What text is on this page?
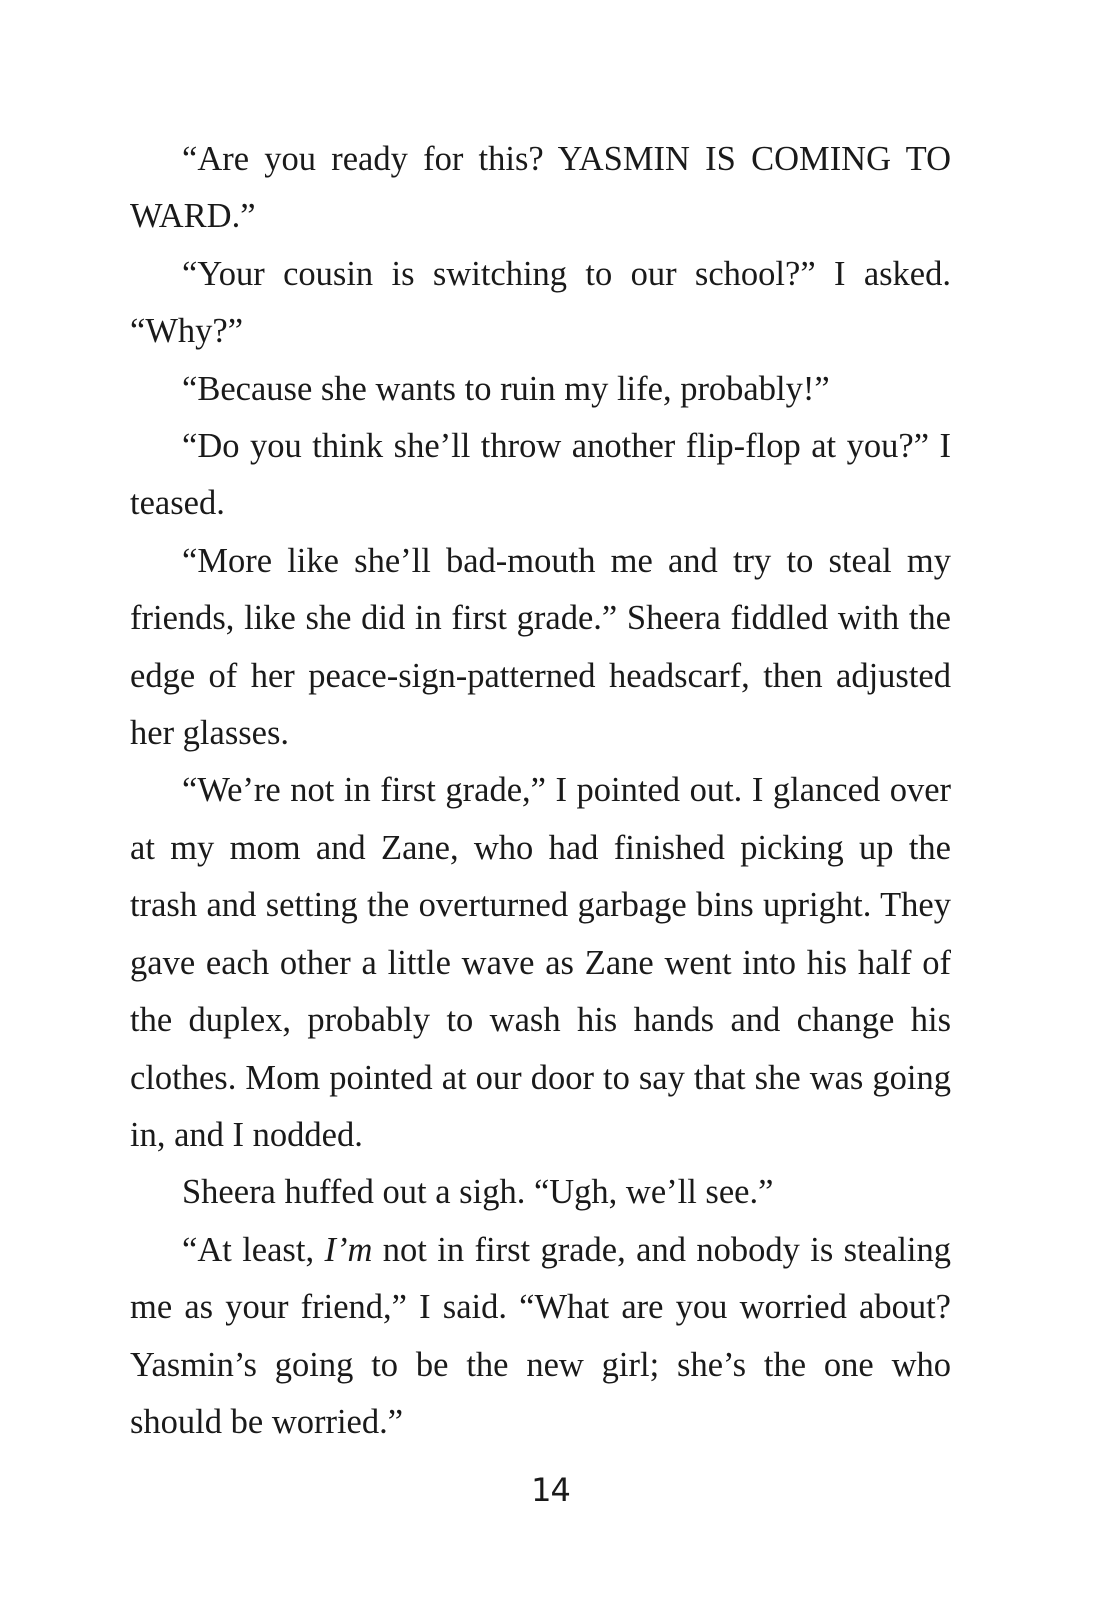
“Are you ready for this? YASMIN IS COMING TO WARD.”

“Your cousin is switching to our school?” I asked. “Why?”

“Because she wants to ruin my life, probably!”

“Do you think she’ll throw another flip-flop at you?” I teased.

“More like she’ll bad-mouth me and try to steal my friends, like she did in first grade.” Sheera fiddled with the edge of her peace-sign-patterned headscarf, then adjusted her glasses.

“We’re not in first grade,” I pointed out. I glanced over at my mom and Zane, who had finished picking up the trash and setting the overturned garbage bins upright. They gave each other a little wave as Zane went into his half of the duplex, probably to wash his hands and change his clothes. Mom pointed at our door to say that she was going in, and I nodded.

Sheera huffed out a sigh. “Ugh, we’ll see.”

“At least, I’m not in first grade, and nobody is stealing me as your friend,” I said. “What are you worried about? Yasmin’s going to be the new girl; she’s the one who should be worried.”

14
